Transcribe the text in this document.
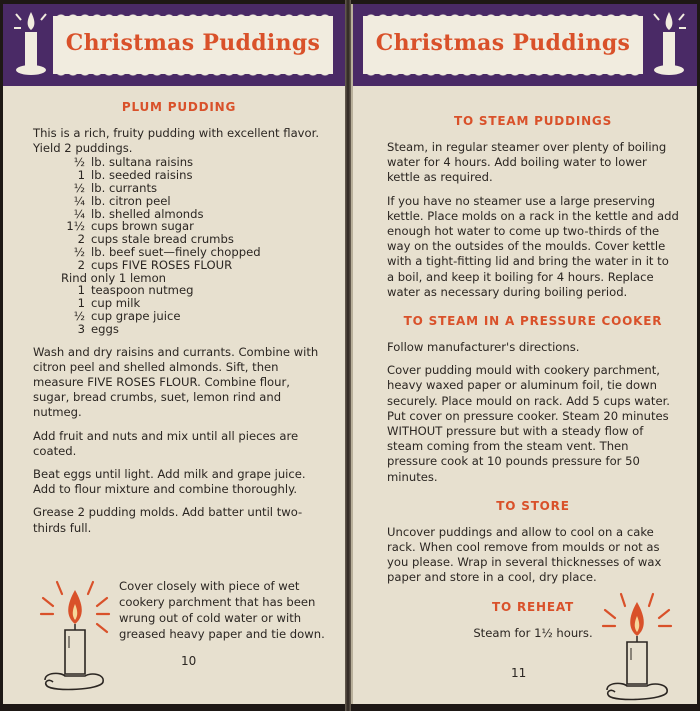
Christmas Puddings
PLUM PUDDING

This is a rich, fruity pudding with excellent flavor.

Yield 2 puddings.

½ lb. sultana raisins
1 lb. seeded raisins
½ lb. currants
¼ lb. citron peel
¼ lb. shelled almonds
1½ cups brown sugar
2 cups stale bread crumbs
½ lb. beef suet—finely chopped
2 cups FIVE ROSES FLOUR
Rind only 1 lemon
1 teaspoon nutmeg
1 cup milk
½ cup grape juice
3 eggs

Wash and dry raisins and currants. Combine with citron peel and shelled almonds. Sift, then measure FIVE ROSES FLOUR. Combine flour, sugar, bread crumbs, suet, lemon rind and nutmeg.

Add fruit and nuts and mix until all pieces are coated.

Beat eggs until light. Add milk and grape juice. Add to flour mixture and combine thoroughly.

Grease 2 pudding molds. Add batter until two-thirds full.

Cover closely with piece of wet cookery parchment that has been wrung out of cold water or with greased heavy paper and tie down.

10
Christmas Puddings
TO STEAM PUDDINGS

Steam, in regular steamer over plenty of boiling water for 4 hours. Add boiling water to lower kettle as required.

If you have no steamer use a large preserving kettle. Place molds on a rack in the kettle and add enough hot water to come up two-thirds of the way on the outsides of the moulds. Cover kettle with a tight-fitting lid and bring the water in it to a boil, and keep it boiling for 4 hours. Replace water as necessary during boiling period.

TO STEAM IN A PRESSURE COOKER

Follow manufacturer's directions.

Cover pudding mould with cookery parchment, heavy waxed paper or aluminum foil, tie down securely. Place mould on rack. Add 5 cups water. Put cover on pressure cooker. Steam 20 minutes WITHOUT pressure but with a steady flow of steam coming from the steam vent. Then pressure cook at 10 pounds pressure for 50 minutes.

TO STORE

Uncover puddings and allow to cool on a cake rack. When cool remove from moulds or not as you please. Wrap in several thicknesses of wax paper and store in a cool, dry place.

TO REHEAT

Steam for 1½ hours.

11
